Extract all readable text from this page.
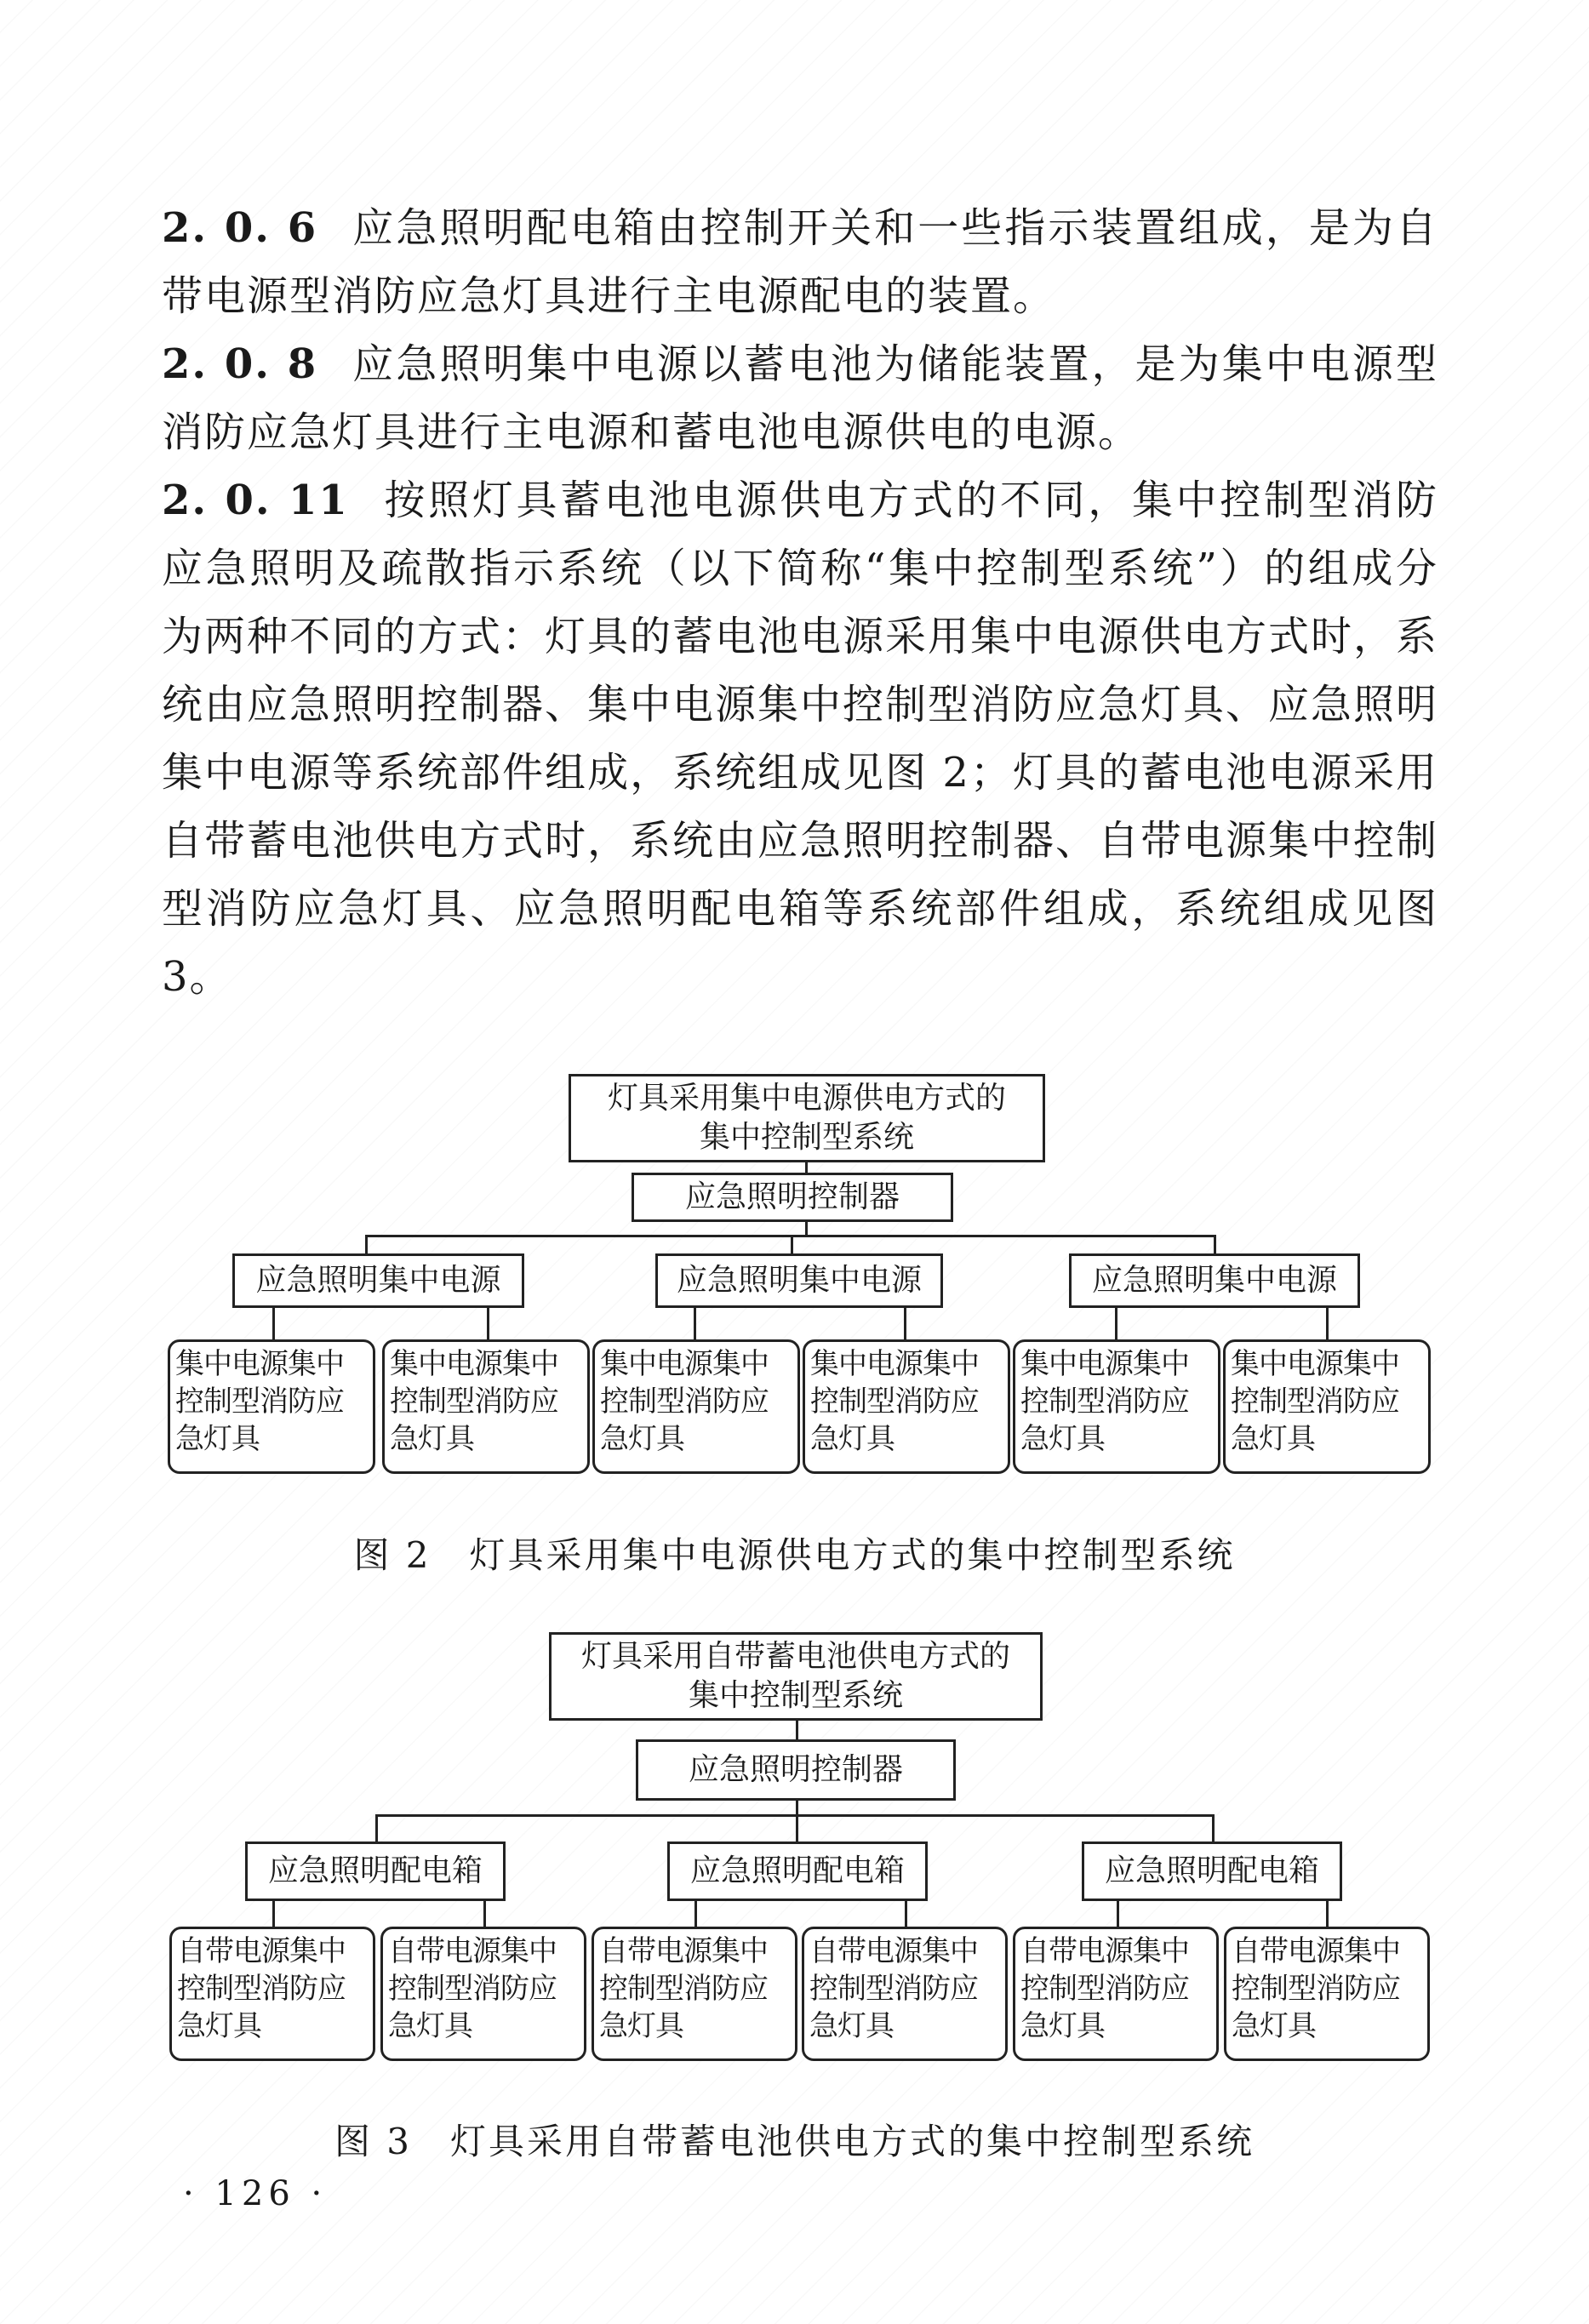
2. 0. 6 应急照明配电箱由控制开关和一些指示装置组成，是为自带电源型消防应急灯具进行主电源配电的装置。
2. 0. 8 应急照明集中电源以蓄电池为储能装置，是为集中电源型消防应急灯具进行主电源和蓄电池电源供电的电源。
2. 0. 11 按照灯具蓄电池电源供电方式的不同，集中控制型消防应急照明及疏散指示系统（以下简称“集中控制型系统”）的组成分为两种不同的方式：灯具的蓄电池电源采用集中电源供电方式时，系统由应急照明控制器、集中电源集中控制型消防应急灯具、应急照明集中电源等系统部件组成，系统组成见图 2；灯具的蓄电池电源采用自带蓄电池供电方式时，系统由应急照明控制器、自带电源集中控制型消防应急灯具、应急照明配电箱等系统部件组成，系统组成见图 3。
灯具采用集中电源供电方式的
集中控制型系统
应急照明控制器
应急照明集中电源	应急照明集中电源	应急照明集中电源
集中电源集中
控制型消防应
急灯具
集中电源集中
控制型消防应
急灯具
集中电源集中
控制型消防应
急灯具
集中电源集中
控制型消防应
急灯具
集中电源集中
控制型消防应
急灯具
集中电源集中
控制型消防应
急灯具
图 2　灯具采用集中电源供电方式的集中控制型系统
灯具采用自带蓄电池供电方式的
集中控制型系统
应急照明控制器
应急照明配电箱	应急照明配电箱	应急照明配电箱
自带电源集中
控制型消防应
急灯具
自带电源集中
控制型消防应
急灯具
自带电源集中
控制型消防应
急灯具
自带电源集中
控制型消防应
急灯具
自带电源集中
控制型消防应
急灯具
自带电源集中
控制型消防应
急灯具
图 3　灯具采用自带蓄电池供电方式的集中控制型系统
· 126 ·
